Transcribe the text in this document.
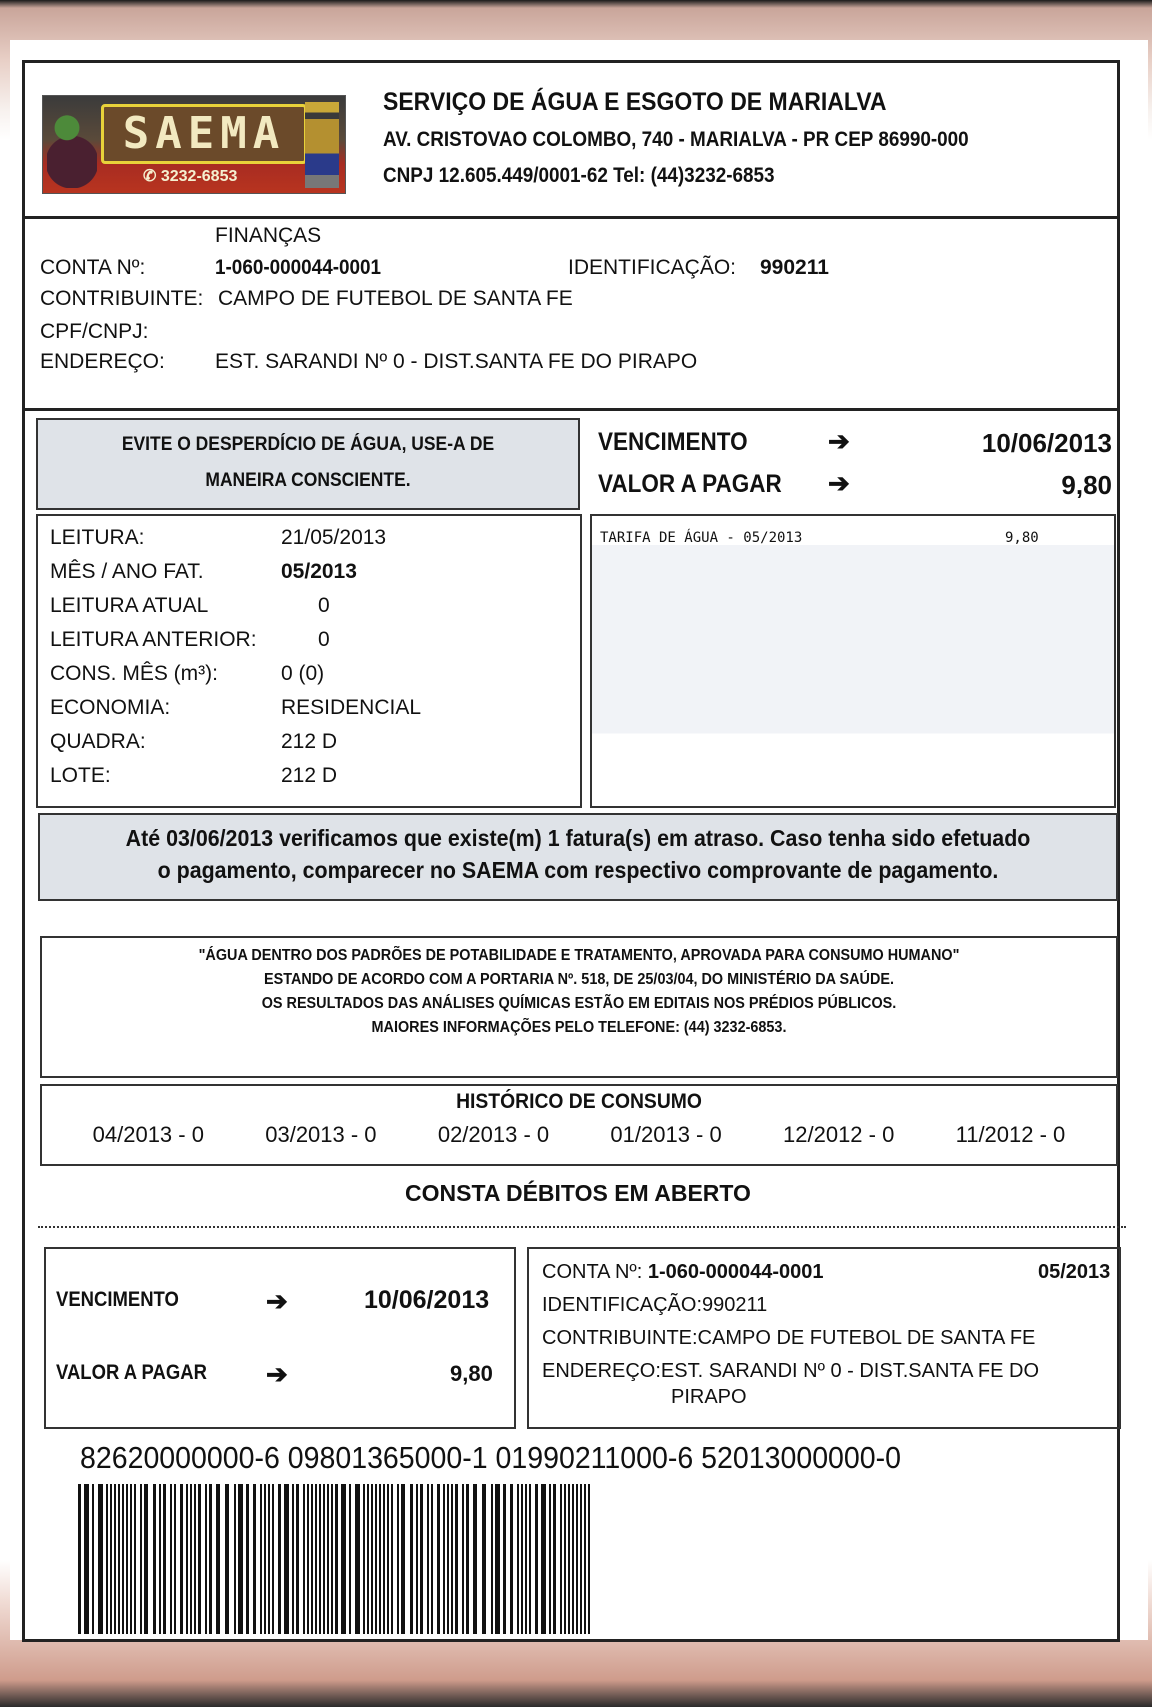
SAEMA
✆ 3232-6853
SERVIÇO DE ÁGUA E ESGOTO DE MARIALVA
AV. CRISTOVAO COLOMBO, 740 - MARIALVA - PR CEP 86990-000
CNPJ 12.605.449/0001-62 Tel: (44)3232-6853
FINANÇAS
CONTA Nº:	1-060-000044-0001	IDENTIFICAÇÃO: 990211
CONTRIBUINTE: CAMPO DE FUTEBOL DE SANTA FE
CPF/CNPJ:
ENDEREÇO: EST. SARANDI Nº 0 - DIST.SANTA FE DO PIRAPO
EVITE O DESPERDÍCIO DE ÁGUA, USE-A DE
MANEIRA CONSCIENTE.
VENCIMENTO	➔	10/06/2013
VALOR A PAGAR ➔	9,80
LEITURA:	21/05/2013
MÊS / ANO FAT.	05/2013
LEITURA ATUAL	0
LEITURA ANTERIOR:	0
CONS. MÊS (m³):	0 (0)
ECONOMIA:	RESIDENCIAL
QUADRA:	212 D
LOTE:	212 D
TARIFA DE ÁGUA - 05/2013	9,80
Até 03/06/2013 verificamos que existe(m) 1 fatura(s) em atraso. Caso tenha sido efetuado
o pagamento, comparecer no SAEMA com respectivo comprovante de pagamento.
"ÁGUA DENTRO DOS PADRÕES DE POTABILIDADE E TRATAMENTO, APROVADA PARA CONSUMO HUMANO"
ESTANDO DE ACORDO COM A PORTARIA Nº. 518, DE 25/03/04, DO MINISTÉRIO DA SAÚDE.
OS RESULTADOS DAS ANÁLISES QUÍMICAS ESTÃO EM EDITAIS NOS PRÉDIOS PÚBLICOS.
MAIORES INFORMAÇÕES PELO TELEFONE: (44) 3232-6853.
HISTÓRICO DE CONSUMO
04/2013 - 0	03/2013 - 0	02/2013 - 0	01/2013 - 0	12/2012 - 0	11/2012 - 0
CONSTA DÉBITOS EM ABERTO
VENCIMENTO	➔	10/06/2013
VALOR A PAGAR ➔	9,80
CONTA Nº: 1-060-000044-0001	05/2013
IDENTIFICAÇÃO:990211
CONTRIBUINTE:CAMPO DE FUTEBOL DE SANTA FE
ENDEREÇO:EST. SARANDI Nº 0 - DIST.SANTA FE DO
PIRAPO
82620000000-6 09801365000-1 01990211000-6 52013000000-0
